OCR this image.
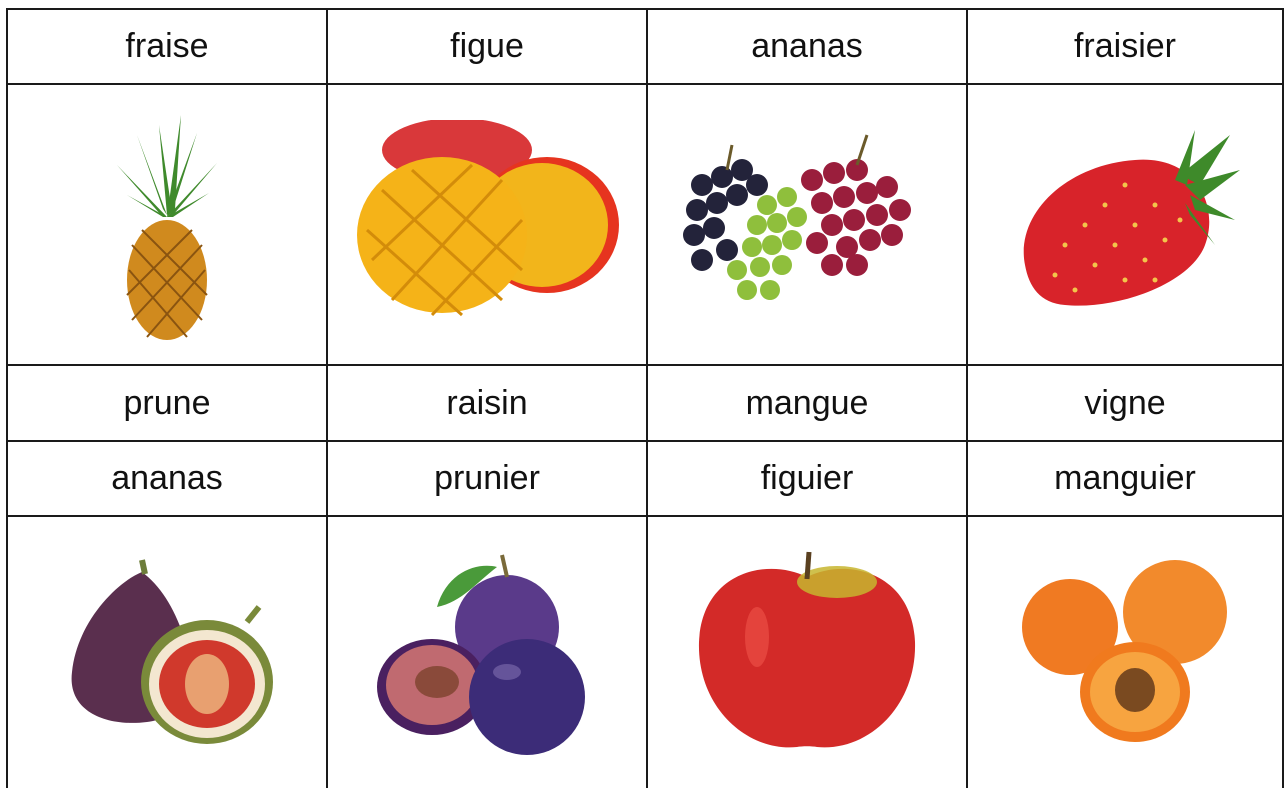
fraise	figue	ananas	fraisier

prune	raisin	mangue	vigne
ananas	prunier	figuier	manguier
